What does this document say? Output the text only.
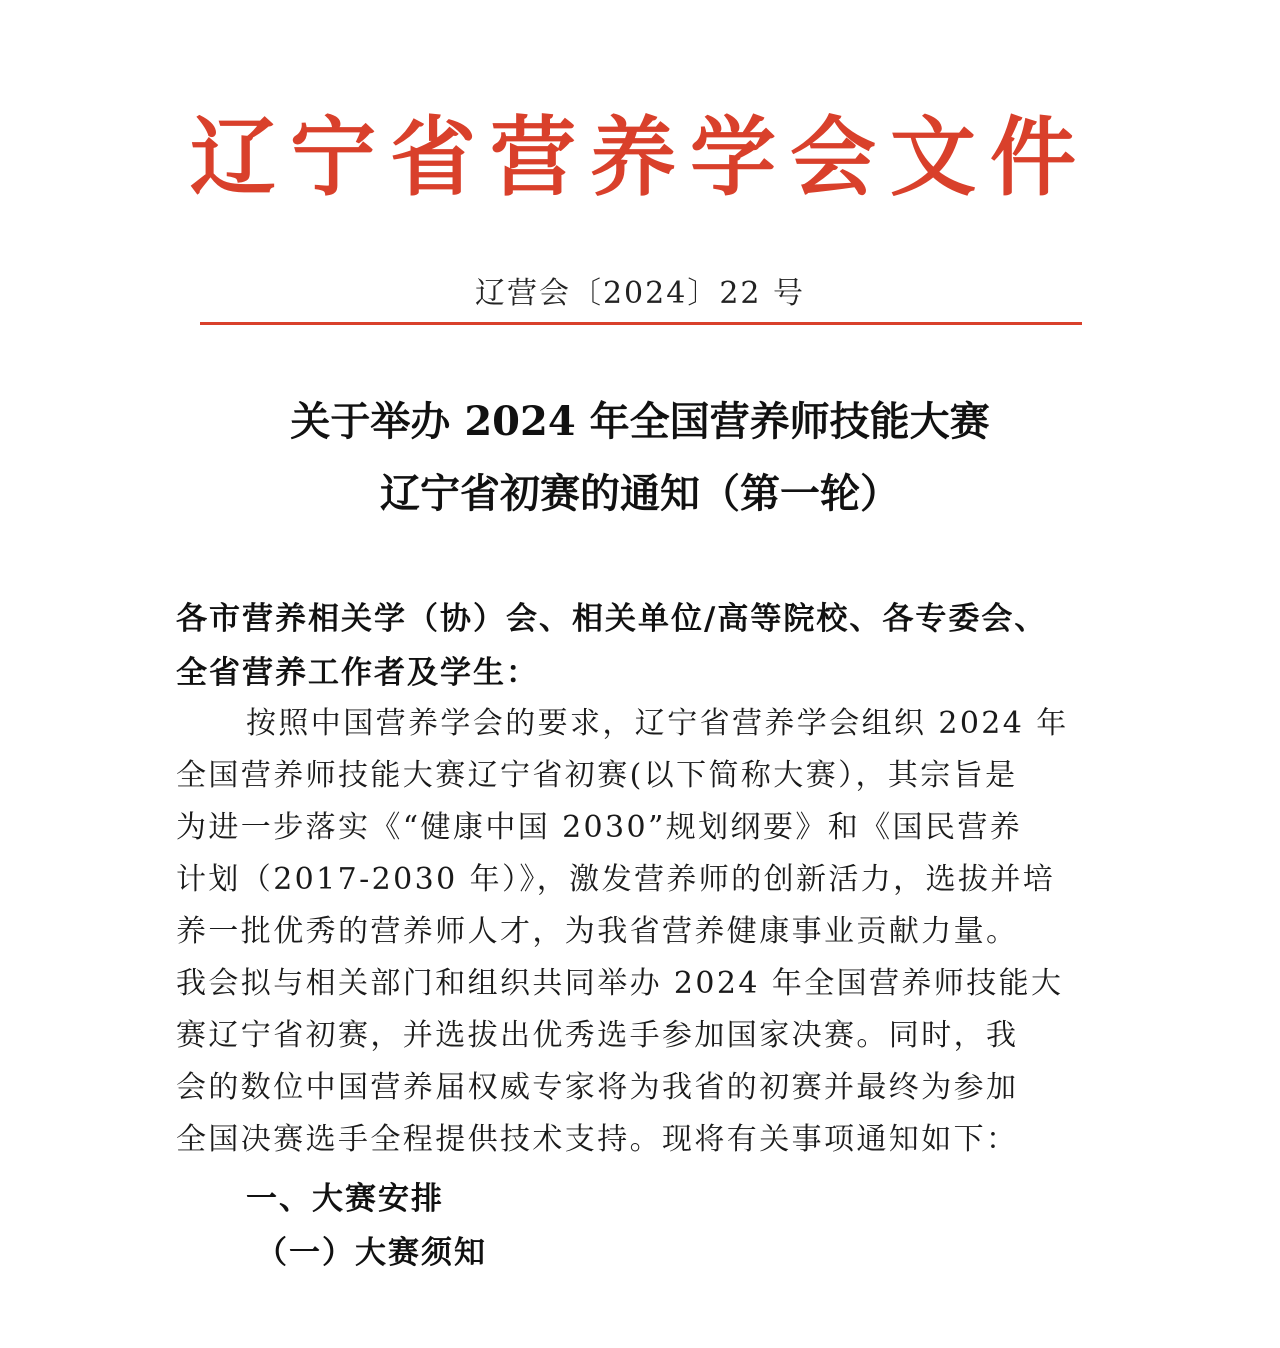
辽宁省营养学会文件
辽营会〔2024〕22 号
关于举办 2024 年全国营养师技能大赛
辽宁省初赛的通知（第一轮）
各市营养相关学（协）会、相关单位/高等院校、各专委会、
全省营养工作者及学生：
按照中国营养学会的要求，辽宁省营养学会组织 2024 年
全国营养师技能大赛辽宁省初赛(以下简称大赛），其宗旨是
为进一步落实《“健康中国 2030”规划纲要》和《国民营养
计划（2017-2030 年）》，激发营养师的创新活力，选拔并培
养一批优秀的营养师人才，为我省营养健康事业贡献力量。
我会拟与相关部门和组织共同举办 2024 年全国营养师技能大
赛辽宁省初赛，并选拔出优秀选手参加国家决赛。同时，我
会的数位中国营养届权威专家将为我省的初赛并最终为参加
全国决赛选手全程提供技术支持。现将有关事项通知如下：
一、大赛安排
（一）大赛须知
